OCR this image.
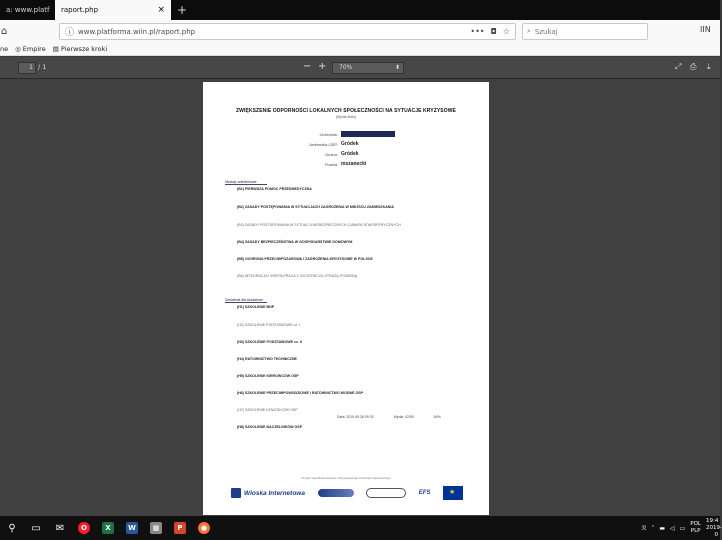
a: www.platf raport.php	×	+
⌂	ⓘ www.platforma.wiin.pl/raport.php	••• ◘ ☆ ⌕ Szukaj	IIN
ne ◎ Empire ▤ Pierwsze kroki
1 / 1	− +	70%	⬍	⤢ ⎙ ⤓
ZWIĘKSZENIE ODPORNOŚCI LOKALNYCH SPOŁECZNOŚCI NA SYTUACJE KRYZYSOWE
(Wynik testu)
Uczestnik:
Jednostka OSP: Gródek
Gmina: Gródek
Powiat: mszanecki
Moduły szkoleniowe:
(B1) PIERWSZA POMOC PRZEDMEDYCZNA
(B2) ZASADY POSTĘPOWANIA W SYTUACJACH ZAGROŻENIA W MIEJSCU ZAMIESZKANIA
(B3) ZASADY POSTĘPOWANIA W SYTUACJI NIEBEZPIECZNYCH ZJAWISK ATMOSFERYCZNYCH
(B4) ZASADY BEZPIECZEŃSTWA W GOSPODARSTWIE DOMOWYM
(B5) OCHRONA PRZECIWPOŻAROWA I ZAGROŻENIA KRYZYSOWE W POLSCE
(B6) INTEGRACJA I WSPÓŁPRACA Z OCHOTNICZĄ STRAŻĄ POŻARNĄ
Szkolenia dla strażaków:
(H1) SZKOLENIE BHP
(H2) SZKOLENIE PODSTAWOWE cz. I
(H3) SZKOLENIE PODSTAWOWE cz. II
(H4) RATOWNICTWO TECHNICZNE
(H5) SZKOLENIE KIEROWCÓW OSP
(H6) SZKOLENIE PRZECIWPOWODZIOWE I RATOWNICTWO WODNE OSP
(H7) SZKOLENIE DOWÓDCÓW OSP
(H8) SZKOLENIE NACZELNIKÓW OSP
Data: 2019.05.28 09:33	Wynik: 42/50	84%
Projekt współfinansowany z Europejskiego Funduszu Społecznego
Wioska Internetowa	EFS
★
⚲	▭	✉	O	X	W	▦	P	●	ℛ ˄ ▬ ◁ ▭
POL
PLP
19:4
2019-0
